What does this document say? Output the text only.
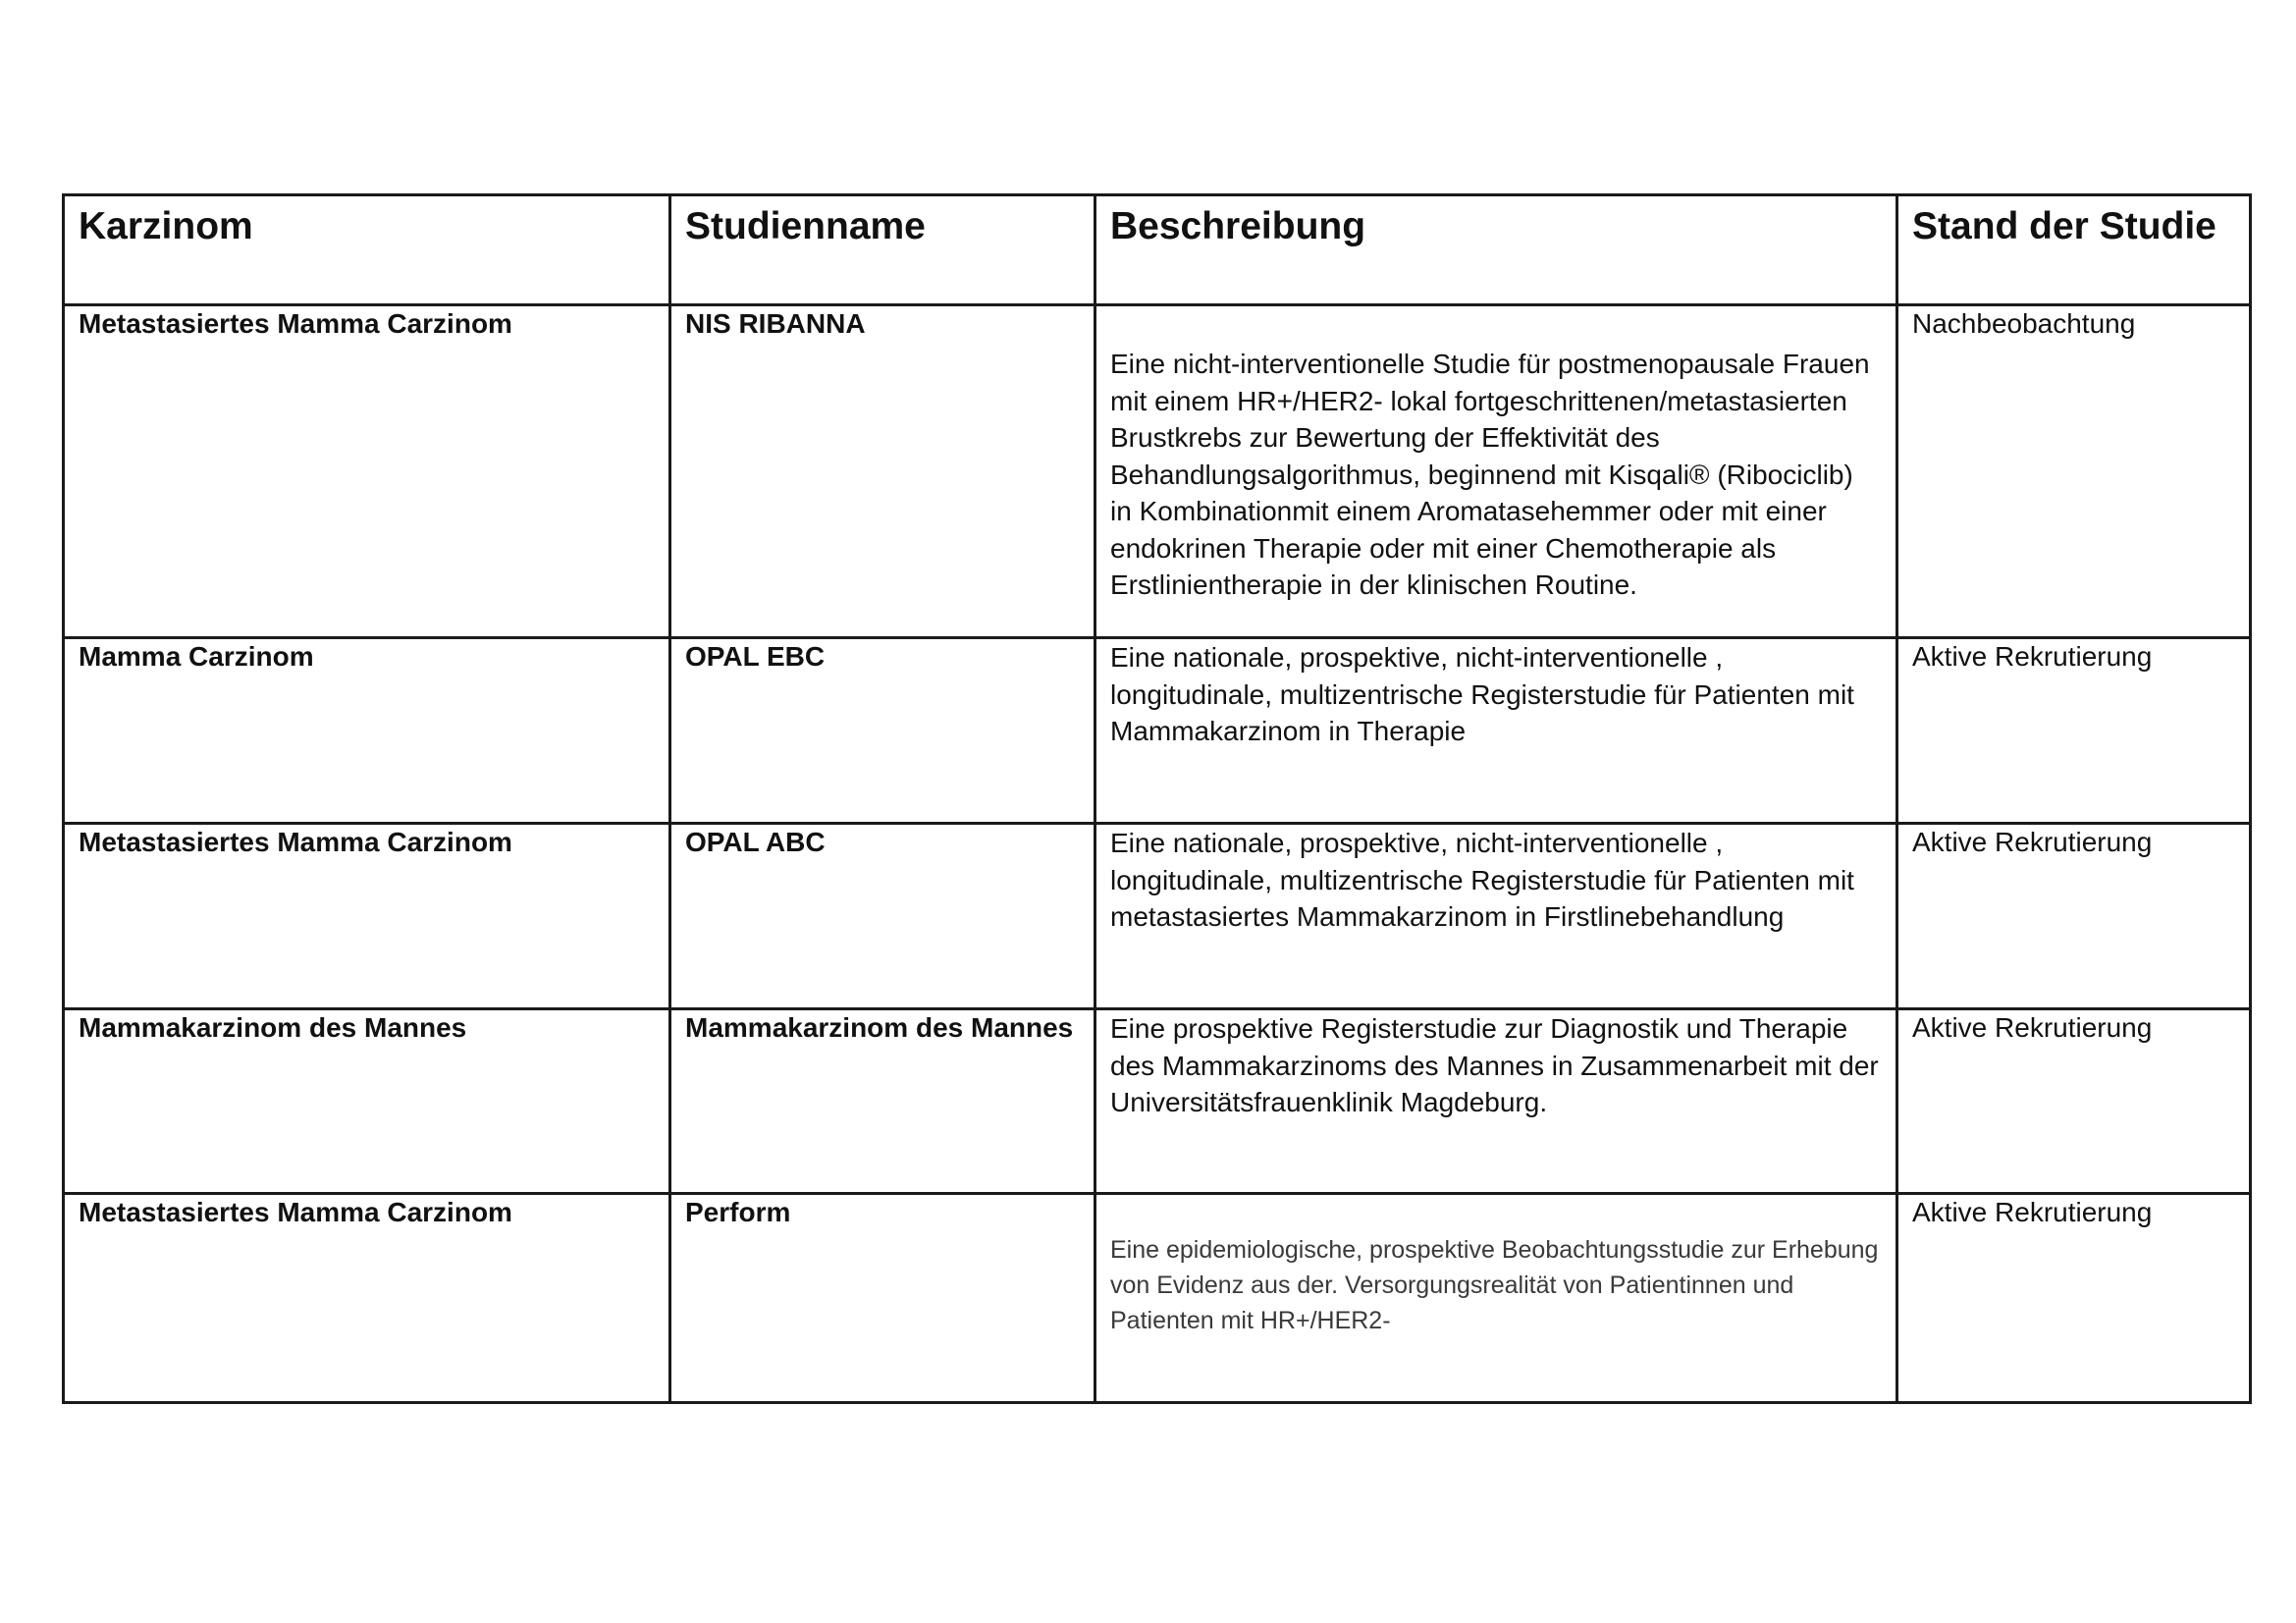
Karzinom	Studienname	Beschreibung	Stand der Studie
Metastasiertes Mamma Carzinom	NIS RIBANNA	Eine nicht-interventionelle Studie für postmenopausale Frauen mit einem HR+/HER2- lokal fortgeschrittenen/metastasierten Brustkrebs zur Bewertung der Effektivität des Behandlungsalgorithmus, beginnend mit Kisqali® (Ribociclib) in Kombinationmit einem Aromatasehemmer oder mit einer endokrinen Therapie oder mit einer Chemotherapie als Erstlinientherapie in der klinischen Routine.	Nachbeobachtung
Mamma Carzinom	OPAL EBC	Eine nationale, prospektive, nicht-interventionelle , longitudinale, multizentrische Registerstudie für Patienten mit Mammakarzinom in Therapie	Aktive Rekrutierung
Metastasiertes Mamma Carzinom	OPAL ABC	Eine nationale, prospektive, nicht-interventionelle , longitudinale, multizentrische Registerstudie für Patienten mit metastasiertes Mammakarzinom in Firstlinebehandlung	Aktive Rekrutierung
Mammakarzinom des Mannes	Mammakarzinom des Mannes	Eine prospektive Registerstudie zur Diagnostik und Therapie des Mammakarzinoms des Mannes in Zusammenarbeit mit der Universitätsfrauenklinik Magdeburg.	Aktive Rekrutierung
Metastasiertes Mamma Carzinom	Perform	Eine epidemiologische, prospektive Beobachtungsstudie zur Erhebung von Evidenz aus der. Versorgungsrealität von Patientinnen und Patienten mit HR+/HER2-	Aktive Rekrutierung
